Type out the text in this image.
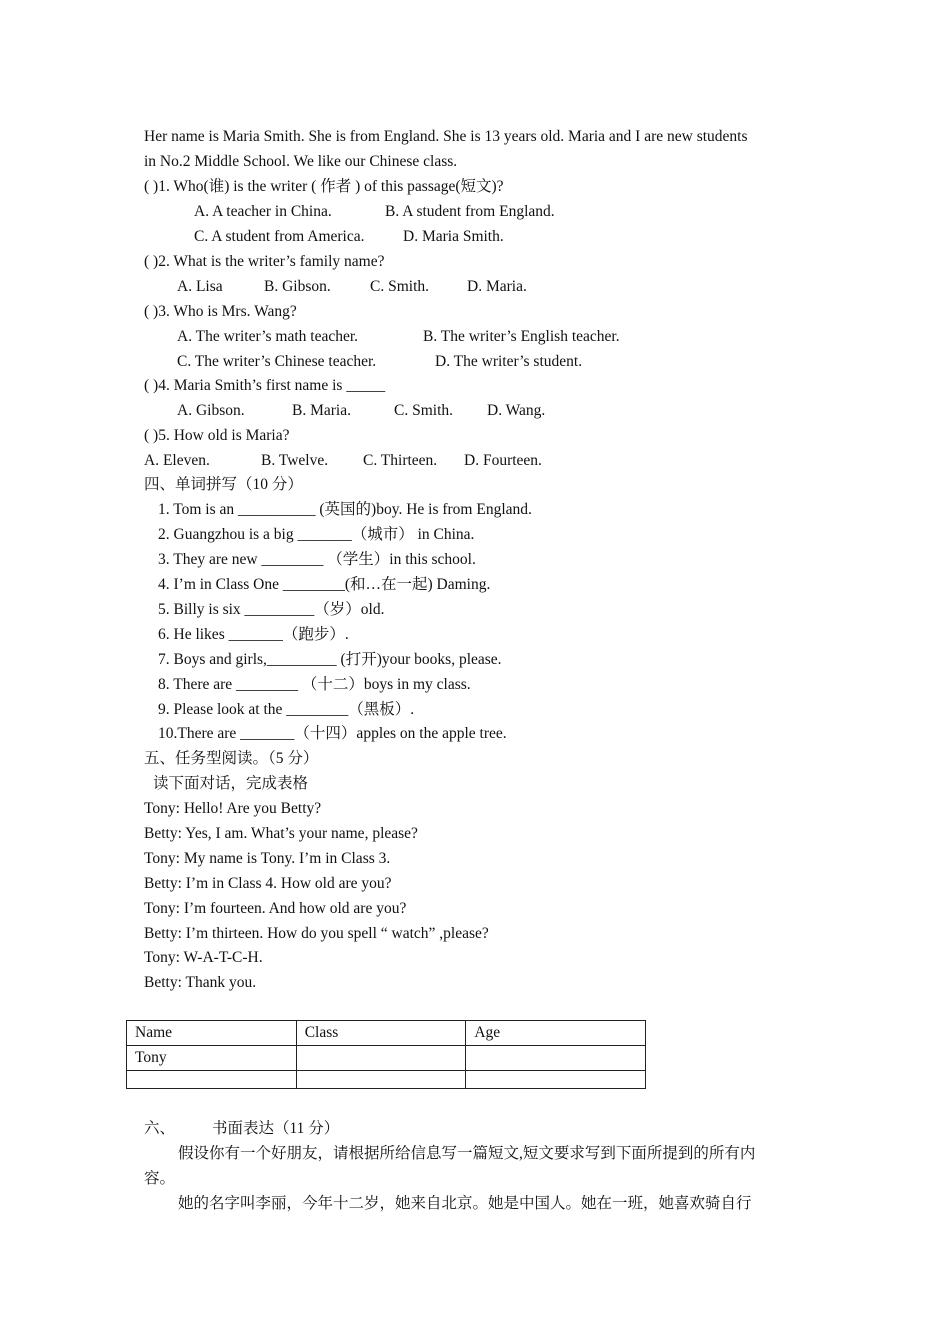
Her name is Maria Smith. She is from England. She is 13 years old. Maria and I are new students
in No.2 Middle School. We like our Chinese class.
( )1. Who(谁) is the writer ( 作者 ) of this passage(短文)?
A. A teacher in China.	B. A student from England.
C. A student from America. D. Maria Smith.
( )2. What is the writer’s family name?
A. Lisa	B. Gibson.	C. Smith. D. Maria.
( )3. Who is Mrs. Wang?
A. The writer’s math teacher.	B. The writer’s English teacher.
C. The writer’s Chinese teacher.	D. The writer’s student.
( )4. Maria Smith’s first name is _____
A. Gibson.	B. Maria.	C. Smith. D. Wang.
( )5. How old is Maria?
A. Eleven.	B. Twelve. C. Thirteen. D. Fourteen.
四、单词拼写（10 分）
1. Tom is an __________ (英国的)boy. He is from England.
2. Guangzhou is a big _______（城市） in China.
3. They are new ________ （学生）in this school.
4. I’m in Class One ________(和…在一起) Daming.
5. Billy is six _________（岁）old.
6. He likes _______（跑步）.
7. Boys and girls,_________ (打开)your books, please.
8. There are ________ （十二）boys in my class.
9. Please look at the ________（黑板）.
10.There are _______（十四）apples on the apple tree.
五、任务型阅读。（5 分）
读下面对话，完成表格
Tony: Hello! Are you Betty?
Betty: Yes, I am. What’s your name, please?
Tony: My name is Tony. I’m in Class 3.
Betty: I’m in Class 4. How old are you?
Tony: I’m fourteen. And how old are you?
Betty: I’m thirteen. How do you spell “ watch” ,please?
Tony: W-A-T-C-H.
Betty: Thank you.
Name	Class	Age
Tony		

六、 书面表达（11 分）
假设你有一个好朋友，请根据所给信息写一篇短文,短文要求写到下面所提到的所有内
容。
她的名字叫李丽，今年十二岁，她来自北京。她是中国人。她在一班，她喜欢骑自行
